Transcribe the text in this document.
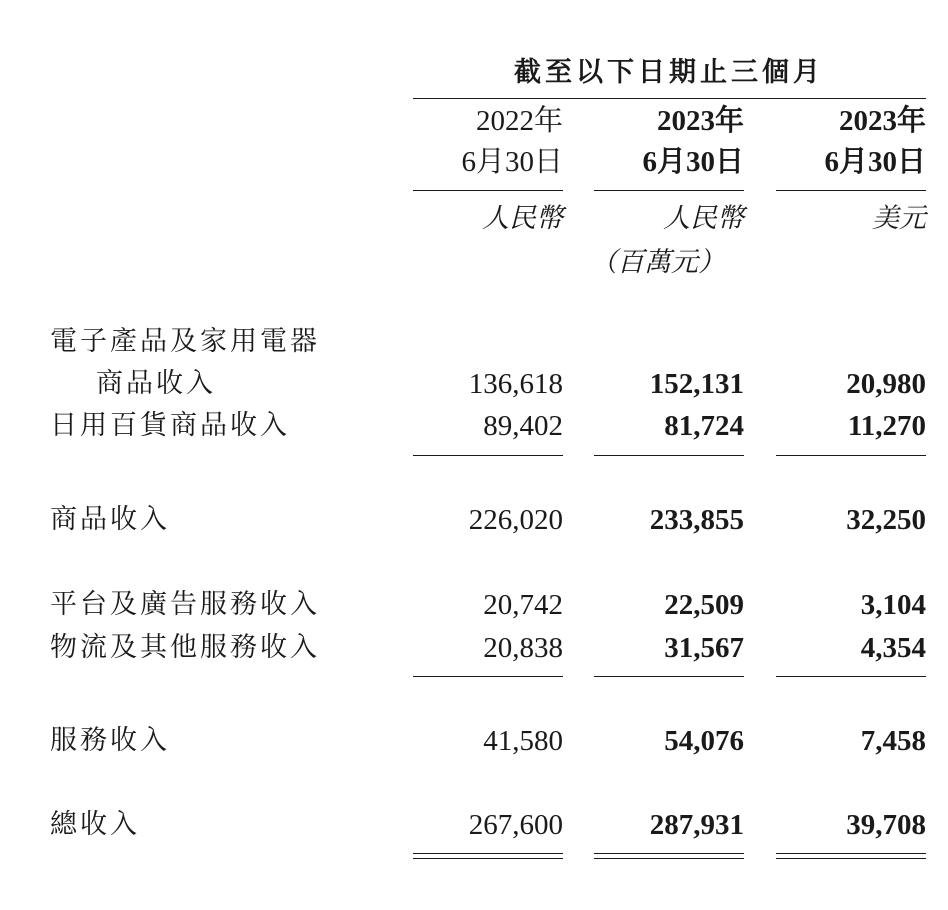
截至以下日期止三個月
2022年	2023年	2023年
6月30日	6月30日	6月30日
人民幣	人民幣	美元
（百萬元）
電子產品及家用電器
商品收入	136,618	152,131	20,980
日用百貨商品收入	89,402	81,724	11,270
商品收入	226,020	233,855	32,250
平台及廣告服務收入	20,742	22,509	3,104
物流及其他服務收入	20,838	31,567	4,354
服務收入	41,580	54,076	7,458
總收入	267,600	287,931	39,708
